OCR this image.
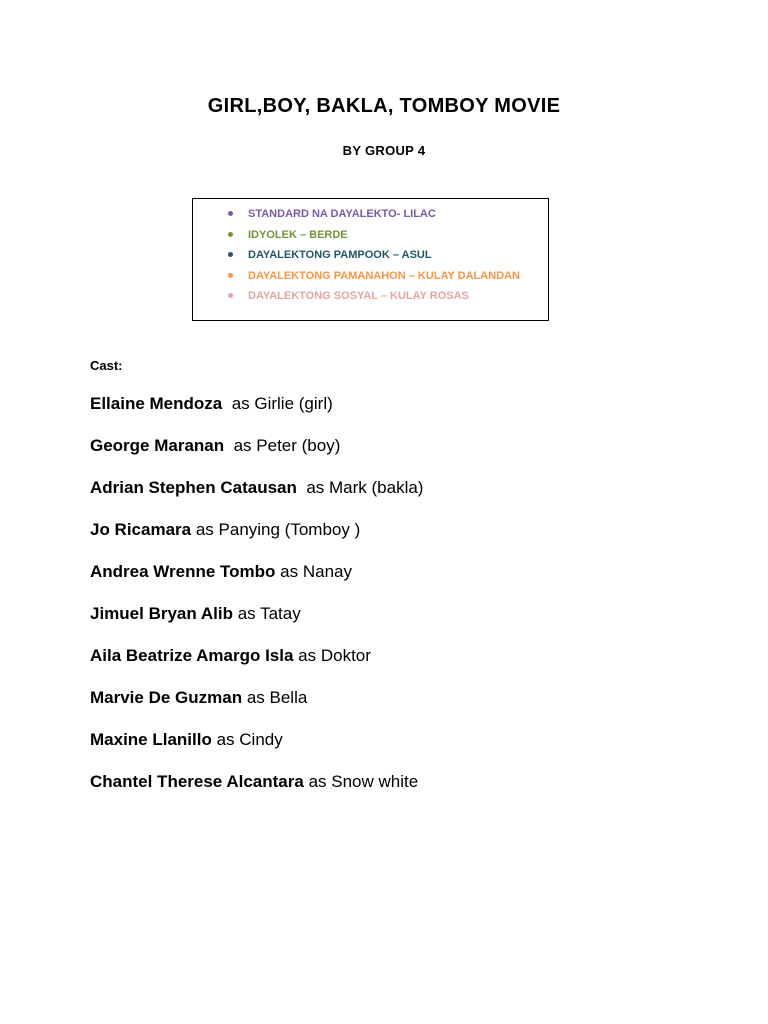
GIRL,BOY, BAKLA, TOMBOY MOVIE
BY GROUP 4
STANDARD NA DAYALEKTO- LILAC
IDYOLEK – BERDE
DAYALEKTONG PAMPOOK – ASUL
DAYALEKTONG PAMANAHON – KULAY DALANDAN
DAYALEKTONG SOSYAL – KULAY ROSAS
Cast:
Ellaine Mendoza  as Girlie (girl)
George Maranan  as Peter (boy)
Adrian Stephen Catausan  as Mark (bakla)
Jo Ricamara as Panying (Tomboy )
Andrea Wrenne Tombo as Nanay
Jimuel Bryan Alib as Tatay
Aila Beatrize Amargo Isla as Doktor
Marvie De Guzman as Bella
Maxine Llanillo as Cindy
Chantel Therese Alcantara as Snow white
